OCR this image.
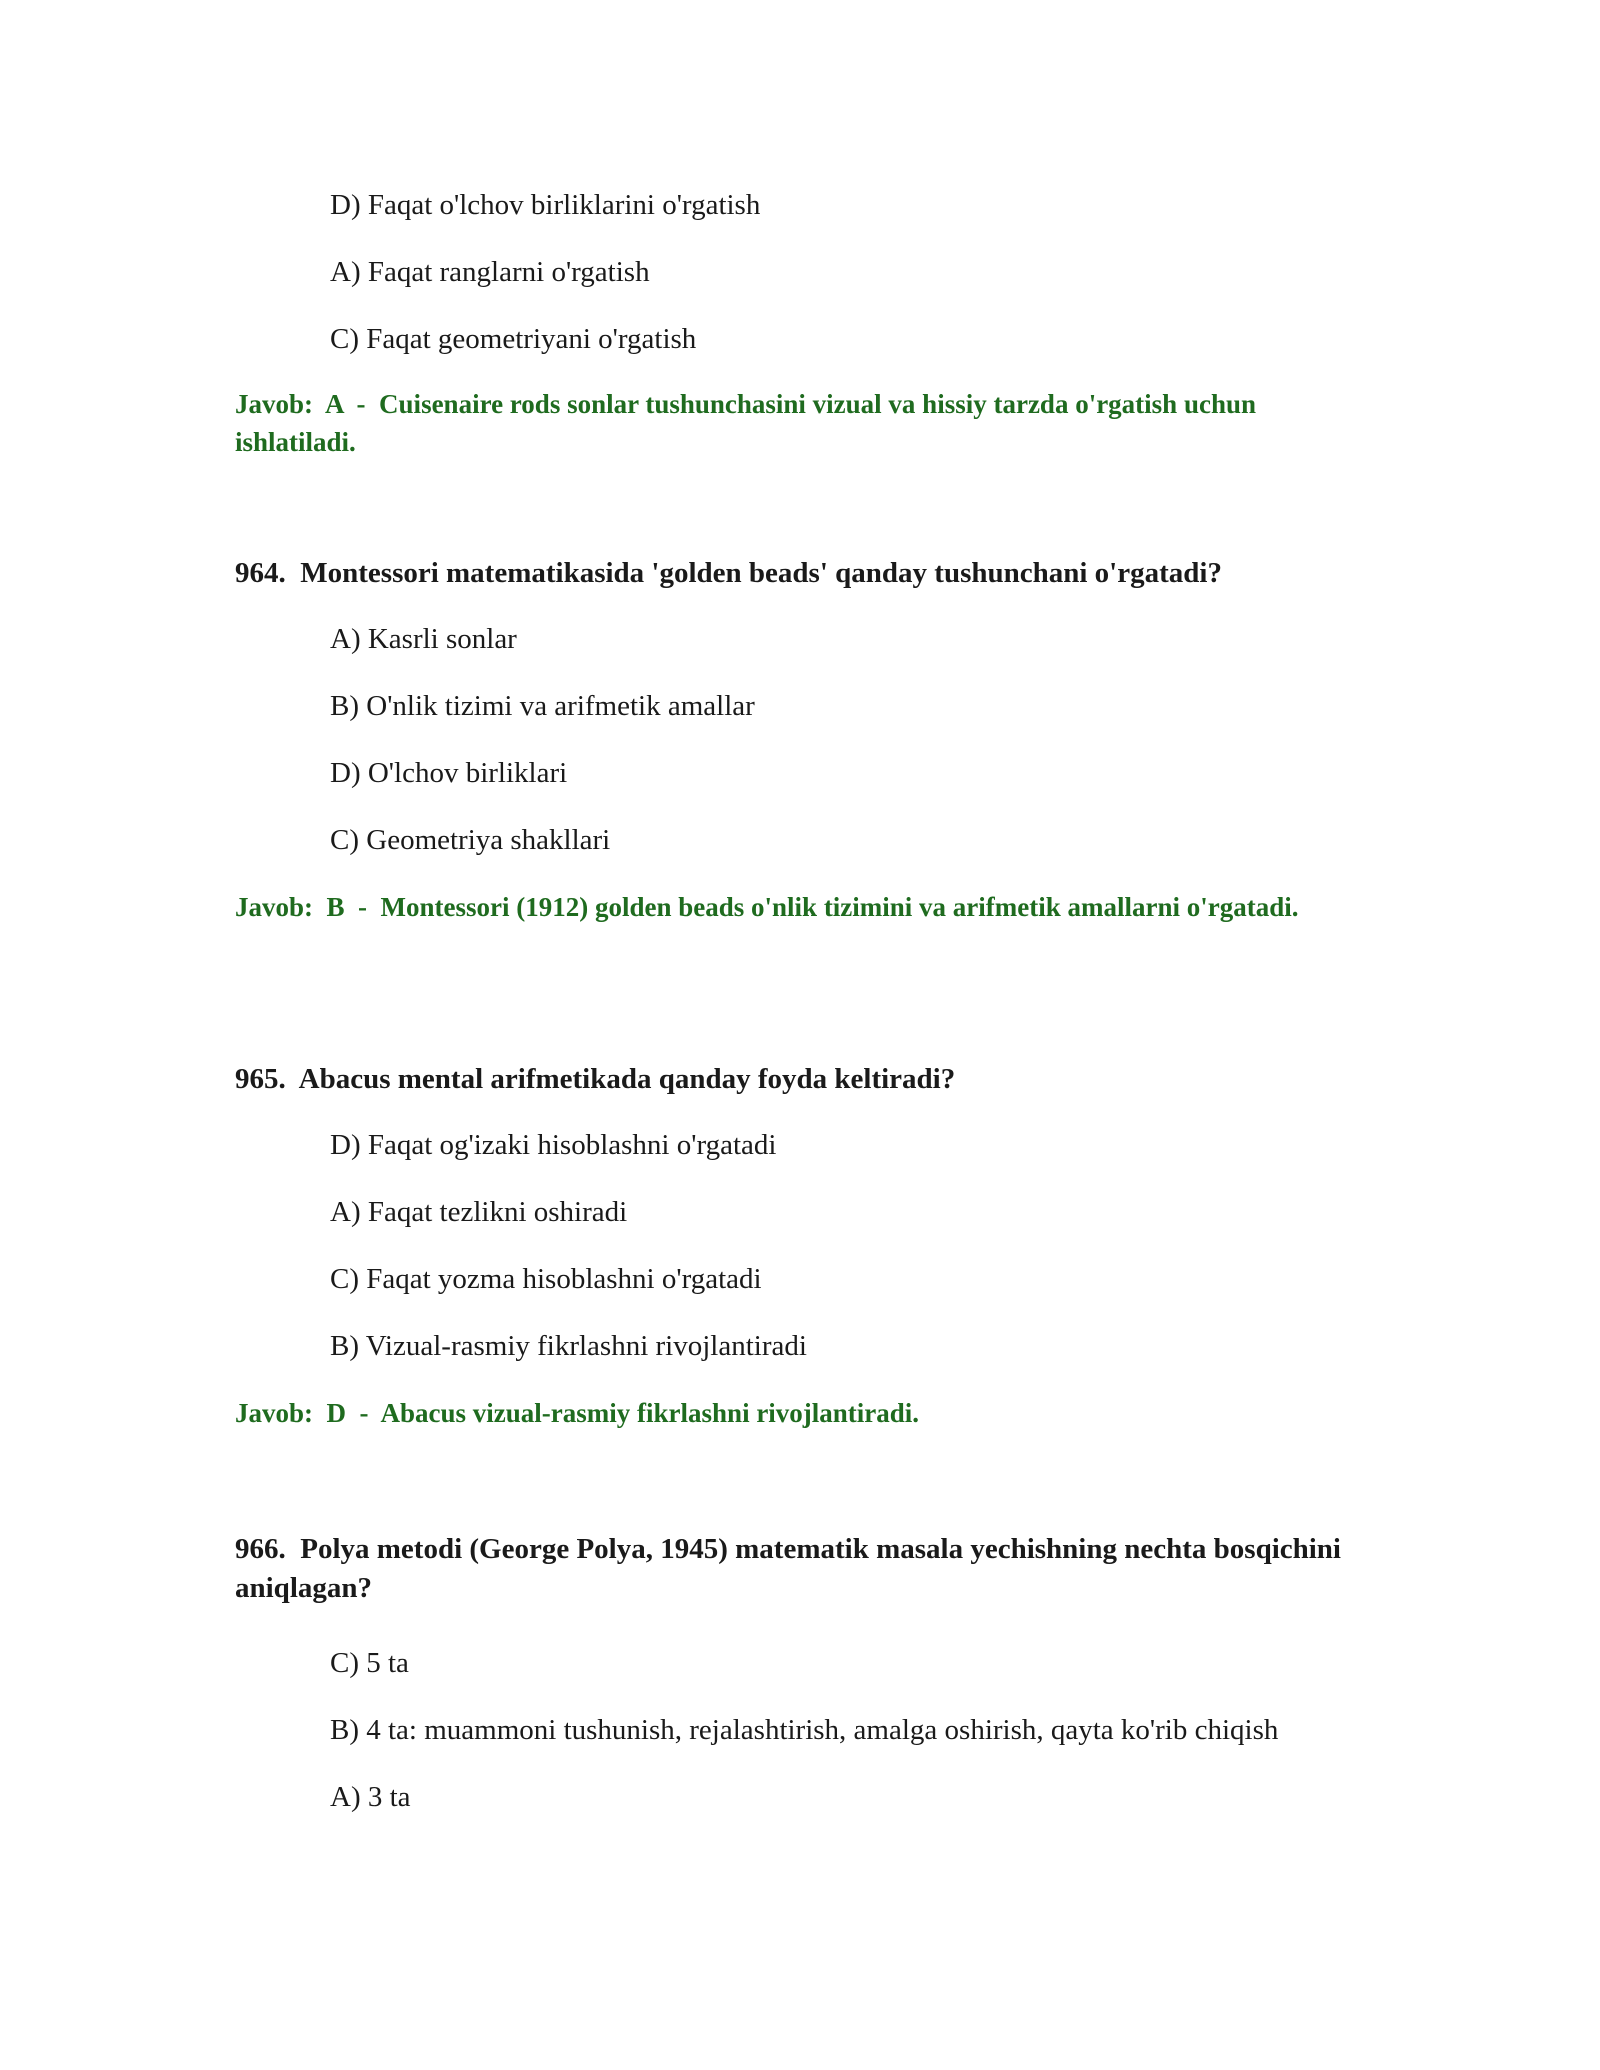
D) Faqat o'lchov birliklarini o'rgatish
A) Faqat ranglarni o'rgatish
C) Faqat geometriyani o'rgatish
Javob: A  -  Cuisenaire rods sonlar tushunchasini vizual va hissiy tarzda o'rgatish uchun ishlatiladi.
964. Montessori matematikasida 'golden beads' qanday tushunchani o'rgatadi?
A) Kasrli sonlar
B) O'nlik tizimi va arifmetik amallar
D) O'lchov birliklari
C) Geometriya shakllari
Javob: B  -  Montessori (1912) golden beads o'nlik tizimini va arifmetik amallarni o'rgatadi.
965. Abacus mental arifmetikada qanday foyda keltiradi?
D) Faqat og'izaki hisoblashni o'rgatadi
A) Faqat tezlikni oshiradi
C) Faqat yozma hisoblashni o'rgatadi
B) Vizual-rasmiy fikrlashni rivojlantiradi
Javob: D  -  Abacus vizual-rasmiy fikrlashni rivojlantiradi.
966. Polya metodi (George Polya, 1945) matematik masala yechishning nechta bosqichini aniqlagan?
C) 5 ta
B) 4 ta: muammoni tushunish, rejalashtirish, amalga oshirish, qayta ko'rib chiqish
A) 3 ta
